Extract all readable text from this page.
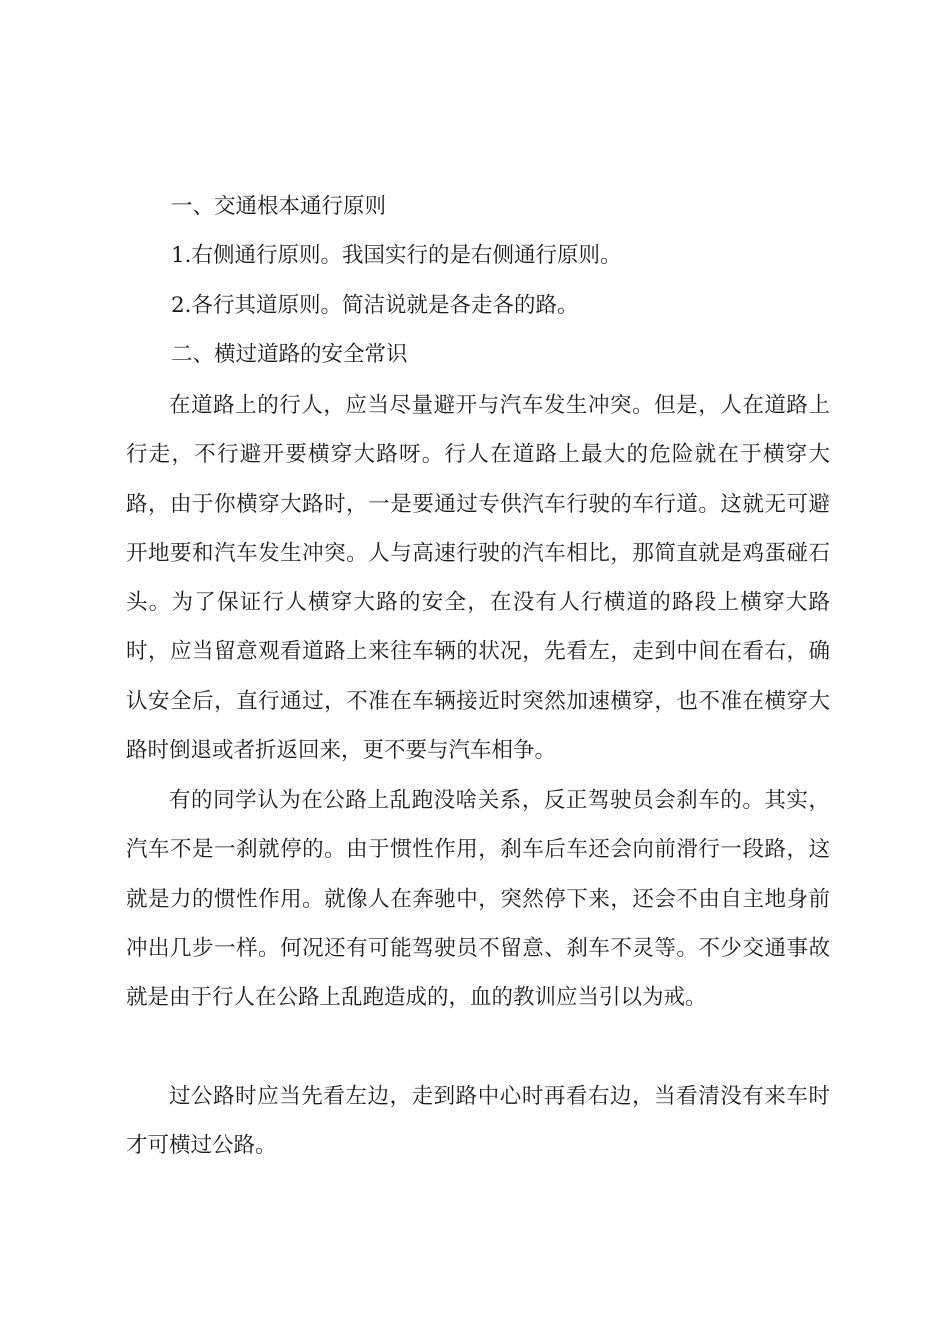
一、交通根本通行原则

1.右侧通行原则。我国实行的是右侧通行原则。

2.各行其道原则。简洁说就是各走各的路。

二、横过道路的安全常识

在道路上的行人，应当尽量避开与汽车发生冲突。但是，人在道路上行走，不行避开要横穿大路呀。行人在道路上最大的危险就在于横穿大路，由于你横穿大路时，一是要通过专供汽车行驶的车行道。这就无可避开地要和汽车发生冲突。人与高速行驶的汽车相比，那简直就是鸡蛋碰石头。为了保证行人横穿大路的安全，在没有人行横道的路段上横穿大路时，应当留意观看道路上来往车辆的状况，先看左，走到中间在看右，确认安全后，直行通过，不准在车辆接近时突然加速横穿，也不准在横穿大路时倒退或者折返回来，更不要与汽车相争。

有的同学认为在公路上乱跑没啥关系，反正驾驶员会刹车的。其实，汽车不是一刹就停的。由于惯性作用，刹车后车还会向前滑行一段路，这就是力的惯性作用。就像人在奔驰中，突然停下来，还会不由自主地身前冲出几步一样。何况还有可能驾驶员不留意、刹车不灵等。不少交通事故就是由于行人在公路上乱跑造成的，血的教训应当引以为戒。

过公路时应当先看左边，走到路中心时再看右边，当看清没有来车时才可横过公路。
